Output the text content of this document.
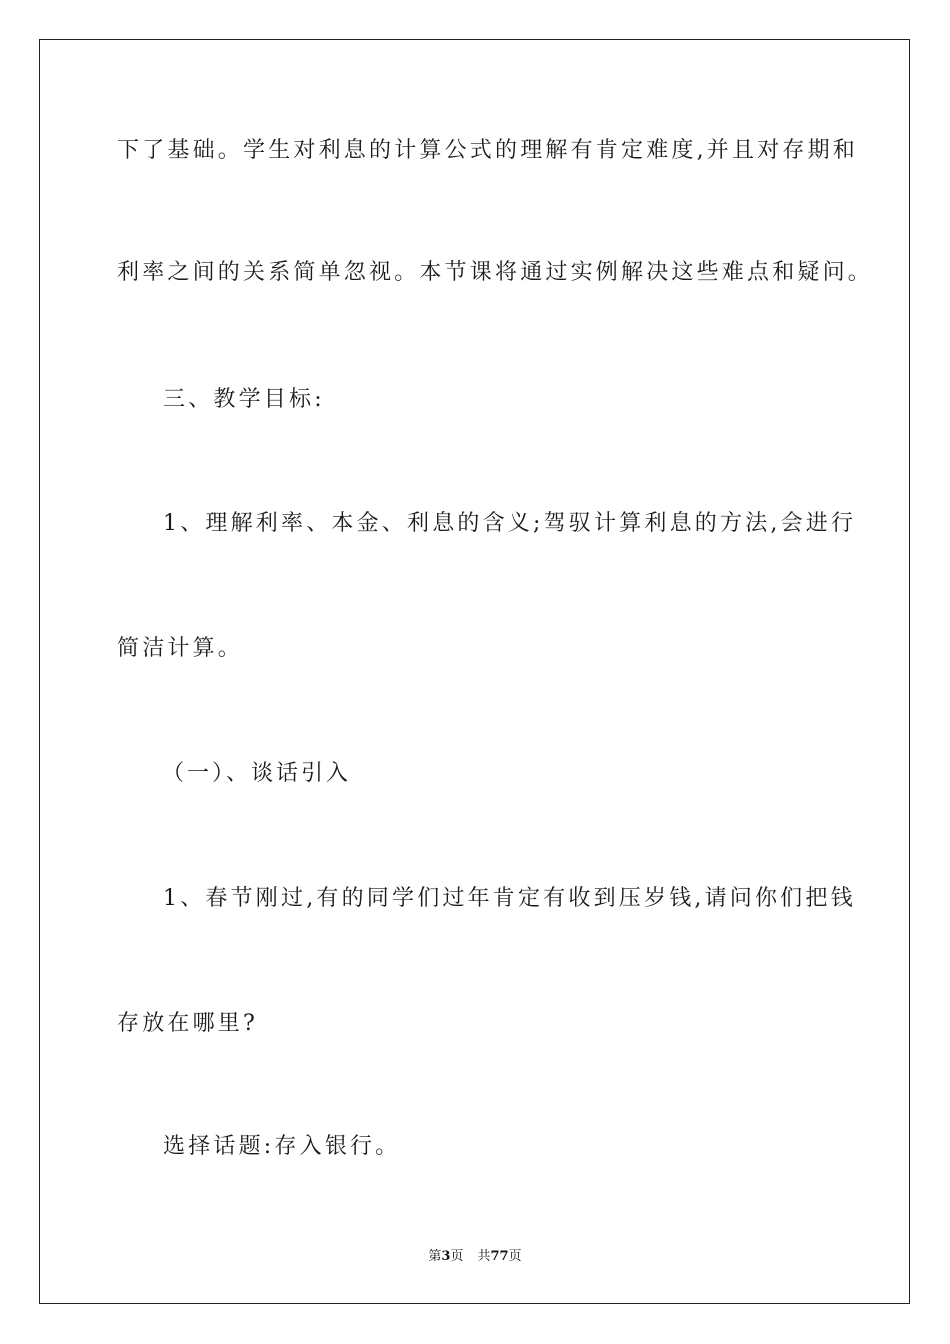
下了基础。学生对利息的计算公式的理解有肯定难度,并且对存期和
利率之间的关系简单忽视。本节课将通过实例解决这些难点和疑问。
三、教学目标:
1、理解利率、本金、利息的含义;驾驭计算利息的方法,会进行
简洁计算。
（一）、谈话引入
1、春节刚过,有的同学们过年肯定有收到压岁钱,请问你们把钱
存放在哪里?
选择话题:存入银行。
第3页 共77页
